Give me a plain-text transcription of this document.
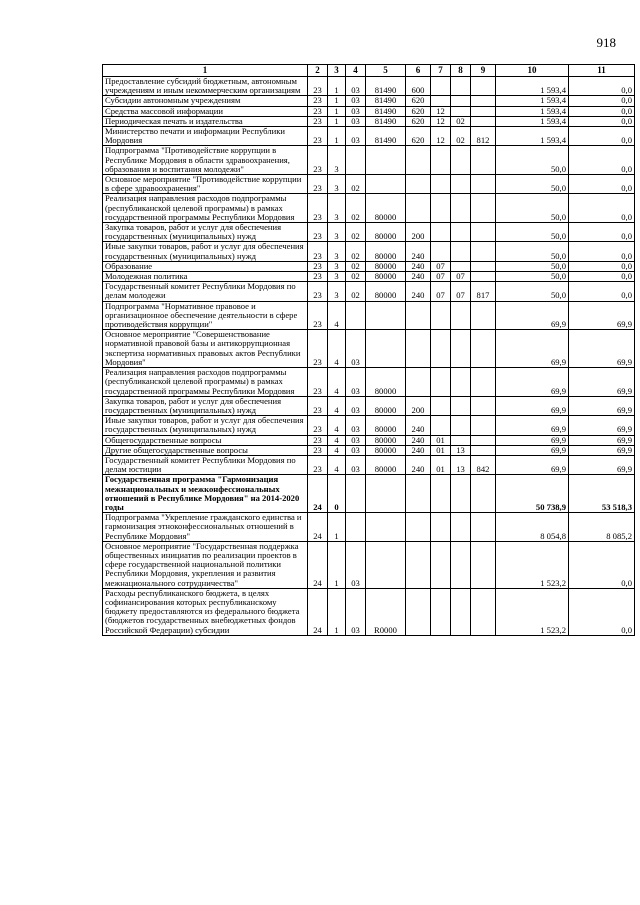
918
1	2	3	4	5	6	7	8	9	10	11
Предоставление субсидий бюджетным, автономным учреждениям и иным некоммерческим организациям	23	1	03	81490	600				1 593,4	0,0
Субсидии автономным учреждениям	23	1	03	81490	620				1 593,4	0,0
Средства массовой информации	23	1	03	81490	620	12			1 593,4	0,0
Периодическая печать и издательства	23	1	03	81490	620	12	02		1 593,4	0,0
Министерство печати и информации Республики Мордовия	23	1	03	81490	620	12	02	812	1 593,4	0,0
Подпрограмма "Противодействие коррупции в Республике Мордовия в области здравоохранения, образования и воспитания молодежи"	23	3							50,0	0,0
Основное мероприятие "Противодействие коррупции в сфере здравоохранения"	23	3	02						50,0	0,0
Реализация направления расходов подпрограммы (республиканской целевой программы) в рамках государственной программы Республики Мордовия	23	3	02	80000					50,0	0,0
Закупка товаров, работ и услуг для обеспечения государственных (муниципальных) нужд	23	3	02	80000	200				50,0	0,0
Иные закупки товаров, работ и услуг для обеспечения государственных (муниципальных) нужд	23	3	02	80000	240				50,0	0,0
Образование	23	3	02	80000	240	07			50,0	0,0
Молодежная политика	23	3	02	80000	240	07	07		50,0	0,0
Государственный комитет Республики Мордовия по делам молодежи	23	3	02	80000	240	07	07	817	50,0	0,0
Подпрограмма "Нормативное правовое и организационное обеспечение деятельности в сфере противодействия коррупции"	23	4							69,9	69,9
Основное мероприятие "Совершенствование нормативной правовой базы и антикоррупционная экспертиза нормативных правовых актов Республики Мордовия"	23	4	03						69,9	69,9
Реализация направления расходов подпрограммы (республиканской целевой программы) в рамках государственной программы Республики Мордовия	23	4	03	80000					69,9	69,9
Закупка товаров, работ и услуг для обеспечения государственных (муниципальных) нужд	23	4	03	80000	200				69,9	69,9
Иные закупки товаров, работ и услуг для обеспечения государственных (муниципальных) нужд	23	4	03	80000	240				69,9	69,9
Общегосударственные вопросы	23	4	03	80000	240	01			69,9	69,9
Другие общегосударственные вопросы	23	4	03	80000	240	01	13		69,9	69,9
Государственный комитет Республики Мордовия по делам юстиции	23	4	03	80000	240	01	13	842	69,9	69,9
Государственная программа "Гармонизация межнациональных и межконфессиональных отношений в Республике Мордовия" на 2014-2020 годы	24	0							50 738,9	53 518,3
Подпрограмма "Укрепление гражданского единства и гармонизация этноконфессиональных отношений в Республике Мордовия"	24	1							8 054,8	8 085,2
Основное мероприятие "Государственная поддержка общественных инициатив по реализации проектов в сфере государственной национальной политики Республики Мордовия, укрепления и развития межнационального сотрудничества"	24	1	03						1 523,2	0,0
Расходы республиканского бюджета, в целях софинансирования которых республиканскому бюджету предоставляются из федерального бюджета (бюджетов государственных внебюджетных фондов Российской Федерации) субсидии	24	1	03	R0000					1 523,2	0,0
